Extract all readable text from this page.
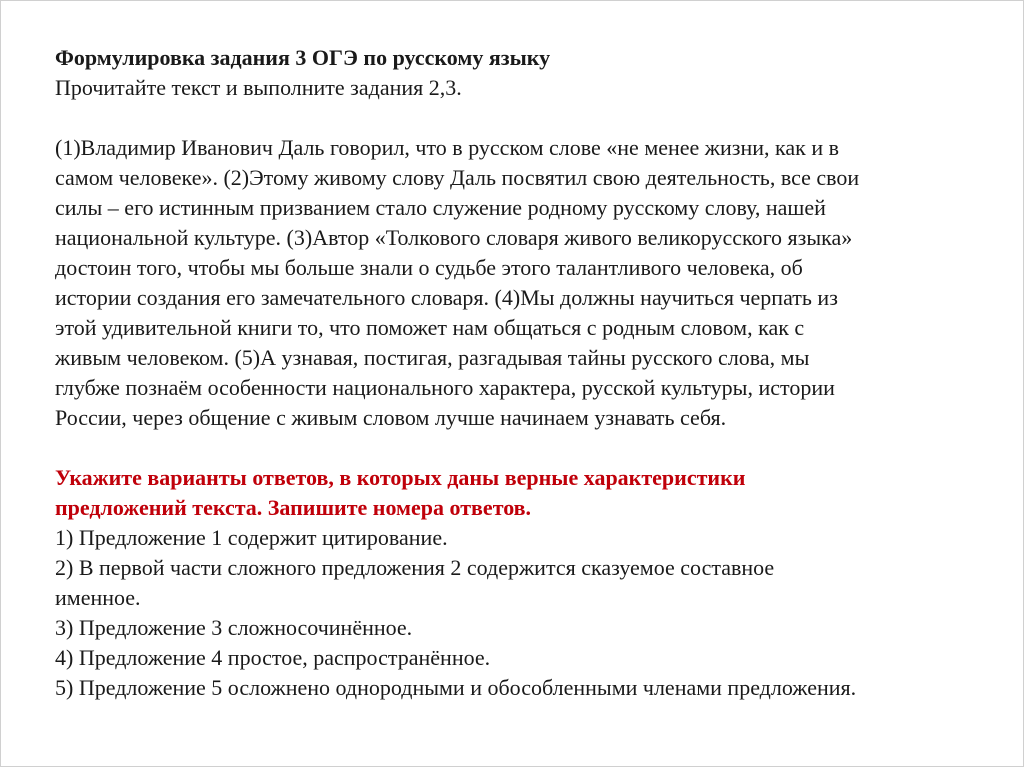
Формулировка задания 3 ОГЭ по русскому языку
Прочитайте текст и выполните задания 2,3.
(1)Владимир Иванович Даль говорил, что в русском слове «не менее жизни, как и в
самом человеке». (2)Этому живому слову Даль посвятил свою деятельность, все свои
силы – его истинным призванием стало служение родному русскому слову, нашей
национальной культуре. (3)Автор «Толкового словаря живого великорусского языка»
достоин того, чтобы мы больше знали о судьбе этого талантливого человека, об
истории создания его замечательного словаря. (4)Мы должны научиться черпать из
этой удивительной книги то, что поможет нам общаться с родным словом, как с
живым человеком. (5)А узнавая, постигая, разгадывая тайны русского слова, мы
глубже познаём особенности национального характера, русской культуры, истории
России, через общение с живым словом лучше начинаем узнавать себя.
Укажите варианты ответов, в которых даны верные характеристики
предложений текста. Запишите номера ответов.
1) Предложение 1 содержит цитирование.
2) В первой части сложного предложения 2 содержится сказуемое составное
именное.
3) Предложение 3 сложносочинённое.
4) Предложение 4 простое, распространённое.
5) Предложение 5 осложнено однородными и обособленными членами предложения.
